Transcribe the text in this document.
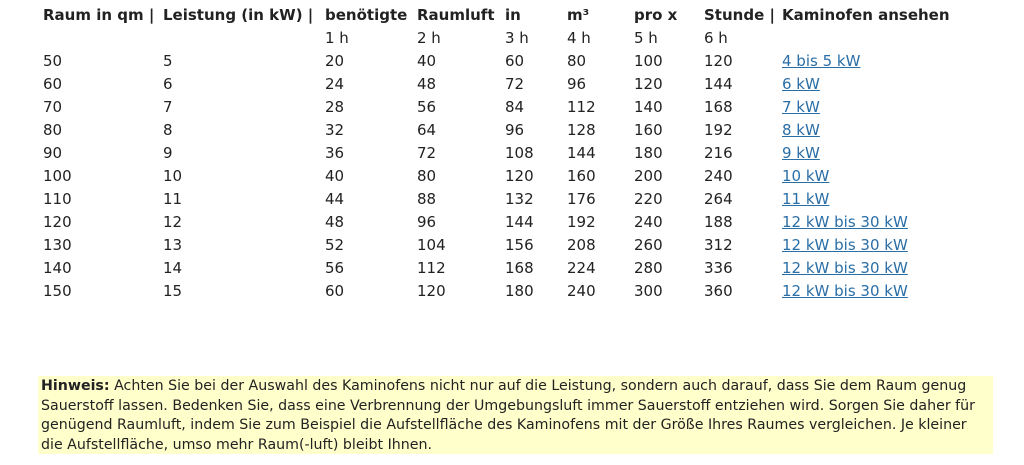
Raum in qm |	Leistung (in kW) |	benötigte	Raumluft	in	m³	pro x	Stunde |	Kaminofen ansehen
		1 h	2 h	3 h	4 h	5 h	6 h	
50	5	20	40	60	80	100	120	4 bis 5 kW
60	6	24	48	72	96	120	144	6 kW
70	7	28	56	84	112	140	168	7 kW
80	8	32	64	96	128	160	192	8 kW
90	9	36	72	108	144	180	216	9 kW
100	10	40	80	120	160	200	240	10 kW
110	11	44	88	132	176	220	264	11 kW
120	12	48	96	144	192	240	188	12 kW bis 30 kW
130	13	52	104	156	208	260	312	12 kW bis 30 kW
140	14	56	112	168	224	280	336	12 kW bis 30 kW
150	15	60	120	180	240	300	360	12 kW bis 30 kW
Hinweis: Achten Sie bei der Auswahl des Kaminofens nicht nur auf die Leistung, sondern auch darauf, dass Sie dem Raum genug Sauerstoff lassen. Bedenken Sie, dass eine Verbrennung der Umgebungsluft immer Sauerstoff entziehen wird. Sorgen Sie daher für genügend Raumluft, indem Sie zum Beispiel die Aufstellfläche des Kaminofens mit der Größe Ihres Raumes vergleichen. Je kleiner die Aufstellfläche, umso mehr Raum(-luft) bleibt Ihnen.
